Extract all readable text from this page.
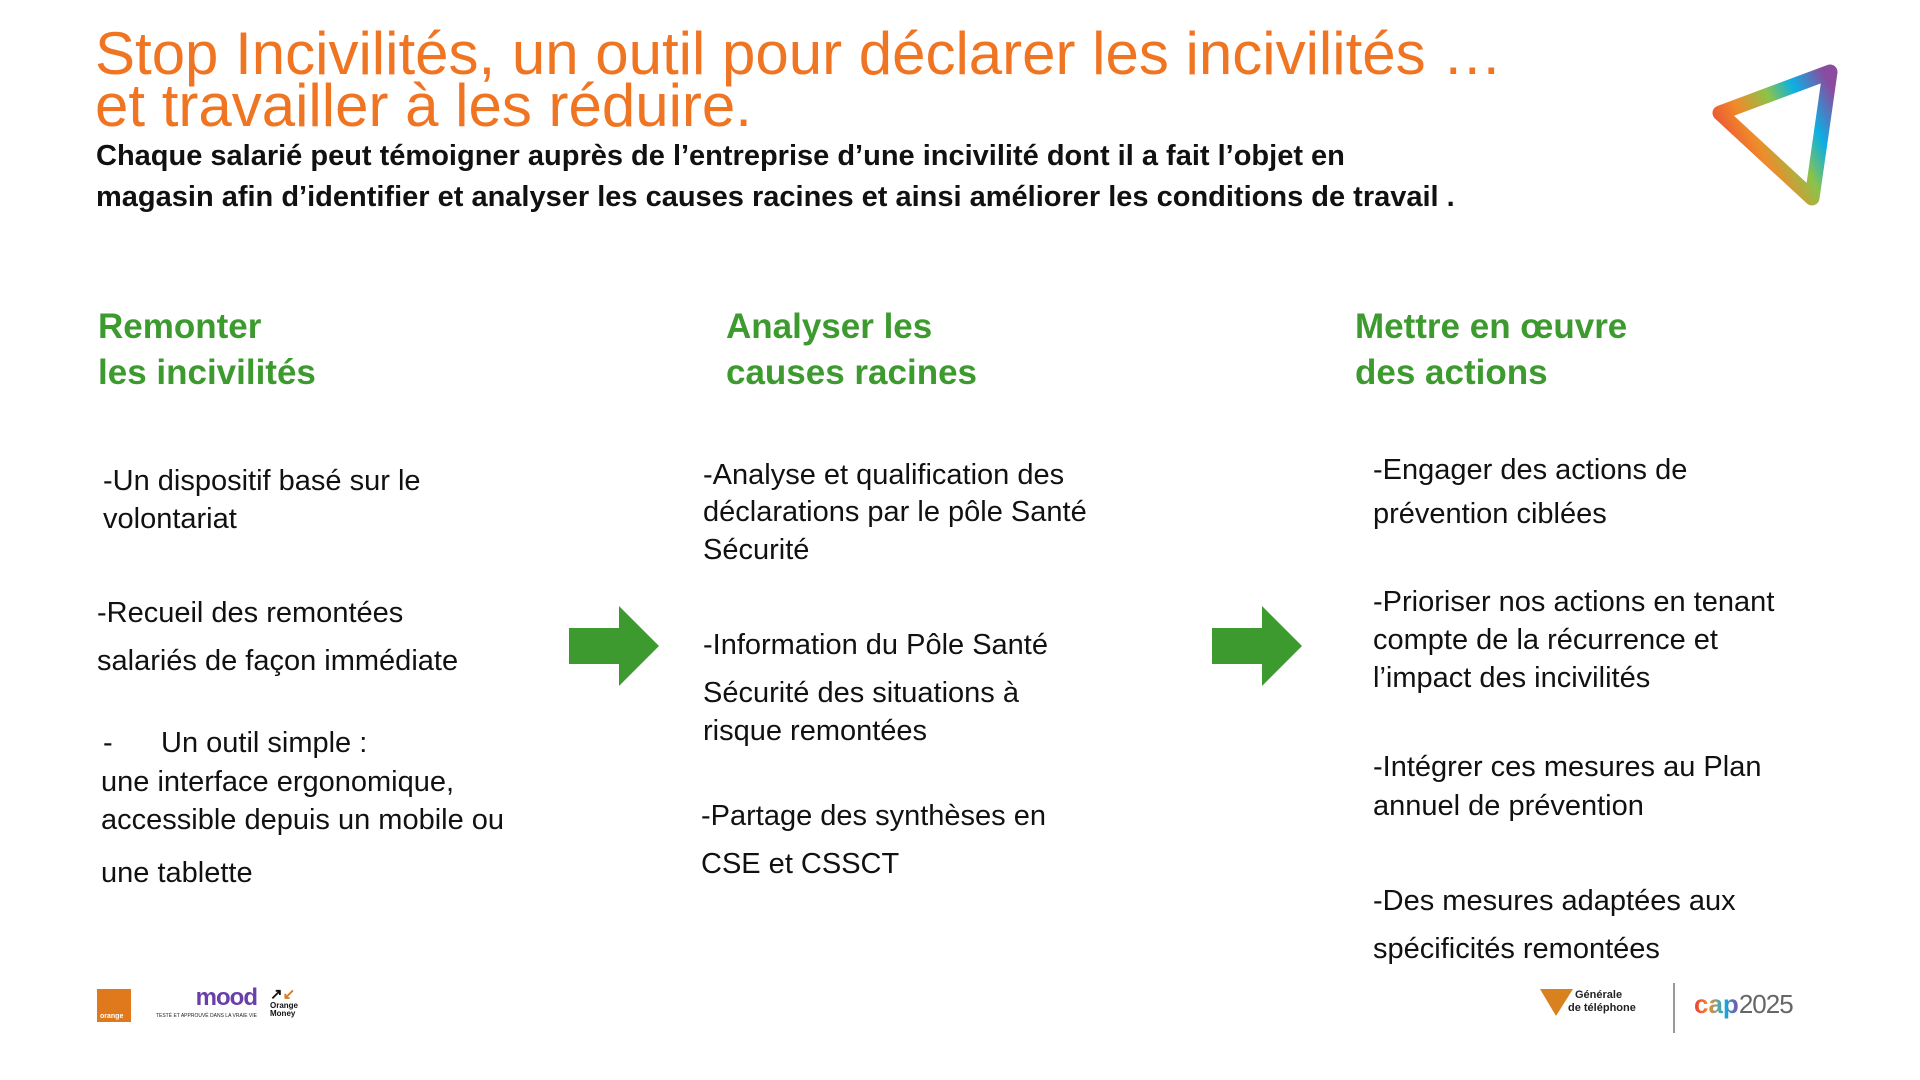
Stop Incivilités, un outil pour déclarer les incivilités …
et travailler à les réduire.
Chaque salarié peut témoigner auprès de l’entreprise d’une incivilité dont il a fait l’objet en
magasin afin d’identifier et analyser les causes racines et ainsi améliorer les conditions de travail .
Remonter
les incivilités
-Un dispositif basé sur le
volontariat
-Recueil des remontées
salariés de façon immédiate
-      Un outil simple :
une interface ergonomique,
accessible depuis un mobile ou
une tablette
Analyser les
causes racines
-Analyse et qualification des
déclarations par le pôle Santé
Sécurité
-Information du Pôle Santé
Sécurité des situations à
risque remontées
-Partage des synthèses en
CSE et CSSCT
Mettre en œuvre
des actions
-Engager des actions de
prévention ciblées
-Prioriser nos actions en tenant
compte de la récurrence et
l’impact des incivilités
-Intégrer ces mesures au Plan
annuel de prévention
-Des mesures adaptées aux
spécificités remontées
orange
mood
TESTÉ ET APPROUVÉ DANS LA VRAIE VIE
↗↙
Orange
Money
Générale
de téléphone cap2025
